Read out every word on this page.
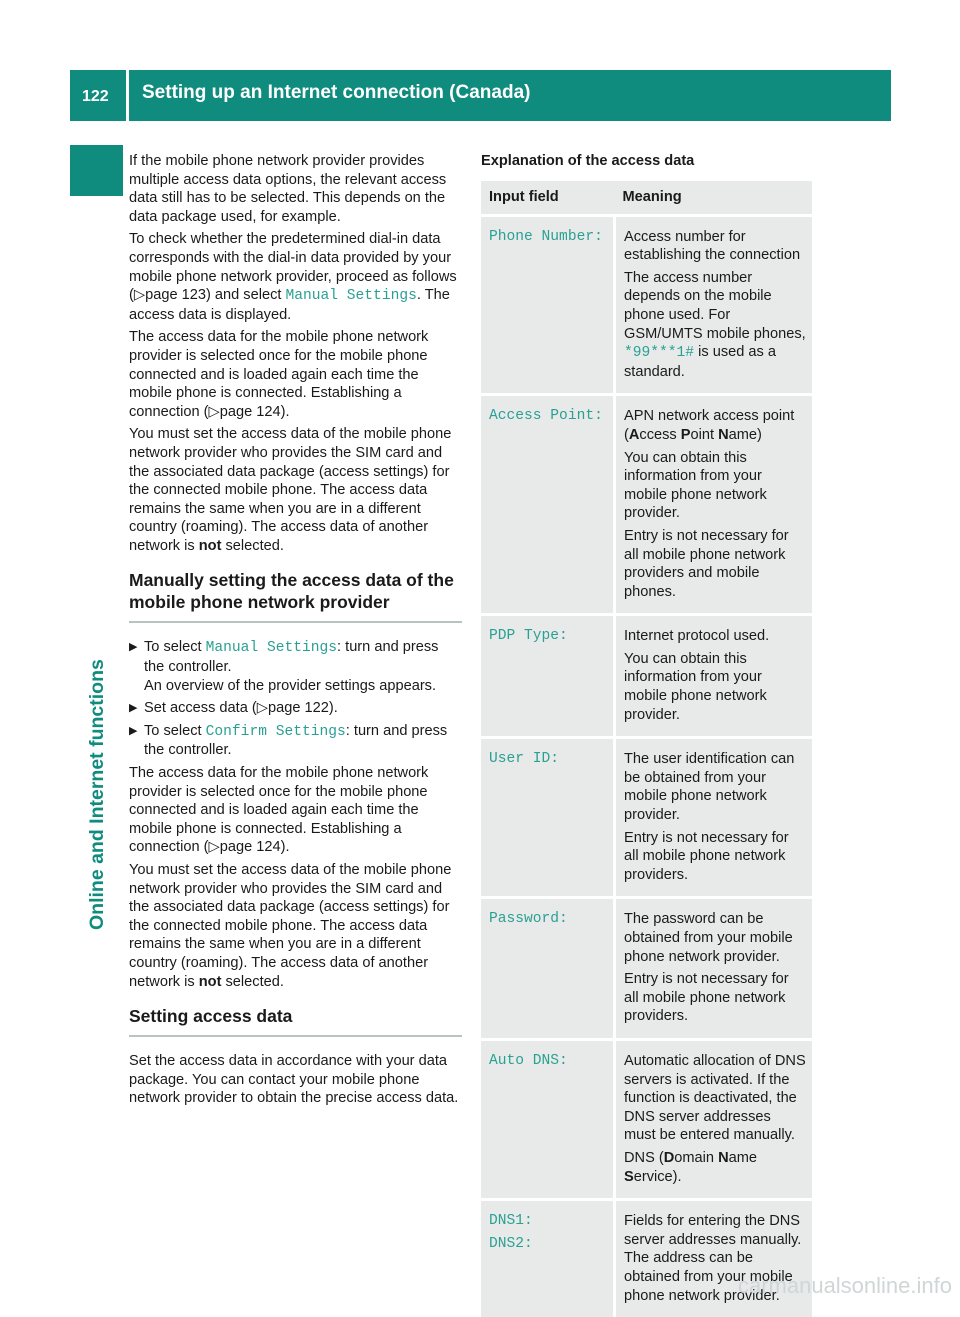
122 Setting up an Internet connection (Canada)
Online and Internet functions

If the mobile phone network provider provides multiple access data options, the relevant access data still has to be selected. This depends on the data package used, for example.

To check whether the predetermined dial-in data corresponds with the dial-in data provided by your mobile phone network provider, proceed as follows (▷page 123) and select Manual Settings. The access data is displayed.

The access data for the mobile phone network provider is selected once for the mobile phone connected and is loaded again each time the mobile phone is connected. Establishing a connection (▷page 124).

You must set the access data of the mobile phone network provider who provides the SIM card and the associated data package (access settings) for the connected mobile phone. The access data remains the same when you are in a different country (roaming). The access data of another network is not selected.

Manually setting the access data of the mobile phone network provider
▶ To select Manual Settings: turn and press the controller.
An overview of the provider settings appears.
▶ Set access data (▷page 122).
▶ To select Confirm Settings: turn and press the controller.

The access data for the mobile phone network provider is selected once for the mobile phone connected and is loaded again each time the mobile phone is connected. Establishing a connection (▷page 124).

You must set the access data of the mobile phone network provider who provides the SIM card and the associated data package (access settings) for the connected mobile phone. The access data remains the same when you are in a different country (roaming). The access data of another network is not selected.

Setting access data

Set the access data in accordance with your data package. You can contact your mobile phone network provider to obtain the precise access data.

Explanation of the access data
Input field	Meaning

Phone Number:	Access number for establishing the connection

The access number depends on the mobile phone used. For GSM/UMTS mobile phones, *99***1# is used as a standard.

Access Point:	APN network access point (Access Point Name)

You can obtain this information from your mobile phone network provider.

Entry is not necessary for all mobile phone network providers and mobile phones.

PDP Type:	Internet protocol used.

You can obtain this information from your mobile phone network provider.

User ID:	The user identification can be obtained from your mobile phone network provider.

Entry is not necessary for all mobile phone network providers.

Password:	The password can be obtained from your mobile phone network provider.

Entry is not necessary for all mobile phone network providers.

Auto DNS:	Automatic allocation of DNS servers is activated. If the function is deactivated, the DNS server addresses must be entered manually.

DNS (Domain Name
Service).

DNS1:
DNS2:	Fields for entering the DNS server addresses manually. The address can be obtained from your mobile phone network provider.

carmanualsonline.info
